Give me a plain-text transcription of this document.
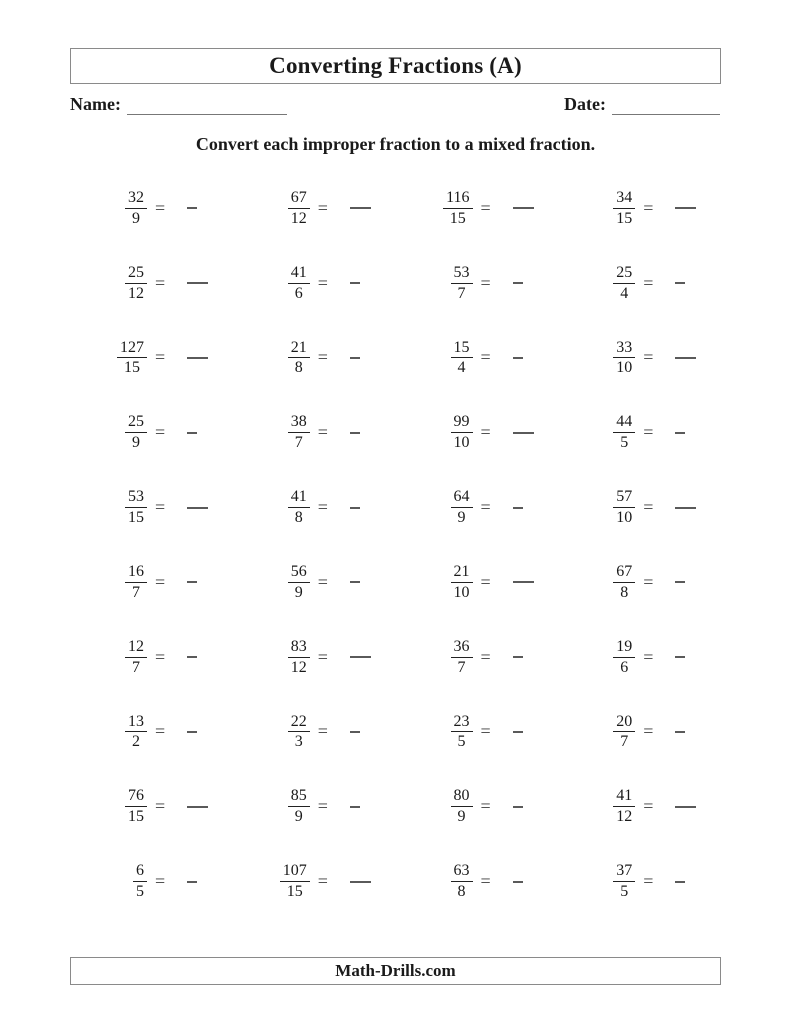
Converting Fractions (A)
Name:	Date:
Convert each improper fraction to a mixed fraction.
$\frac{32}{9}$ =	$\frac{67}{12}$ =	$\frac{116}{15}$ =	$\frac{34}{15}$ =
$\frac{25}{12}$ =	$\frac{41}{6}$ =	$\frac{53}{7}$ =	$\frac{25}{4}$ =
$\frac{127}{15}$ =	$\frac{21}{8}$ =	$\frac{15}{4}$ =	$\frac{33}{10}$ =
$\frac{25}{9}$ =	$\frac{38}{7}$ =	$\frac{99}{10}$ =	$\frac{44}{5}$ =
$\frac{53}{15}$ =	$\frac{41}{8}$ =	$\frac{64}{9}$ =	$\frac{57}{10}$ =
$\frac{16}{7}$ =	$\frac{56}{9}$ =	$\frac{21}{10}$ =	$\frac{67}{8}$ =
$\frac{12}{7}$ =	$\frac{83}{12}$ =	$\frac{36}{7}$ =	$\frac{19}{6}$ =
$\frac{13}{2}$ =	$\frac{22}{3}$ =	$\frac{23}{5}$ =	$\frac{20}{7}$ =
$\frac{76}{15}$ =	$\frac{85}{9}$ =	$\frac{80}{9}$ =	$\frac{41}{12}$ =
$\frac{6}{5}$ =	$\frac{107}{15}$ =	$\frac{63}{8}$ =	$\frac{37}{5}$ =
Math-Drills.com
